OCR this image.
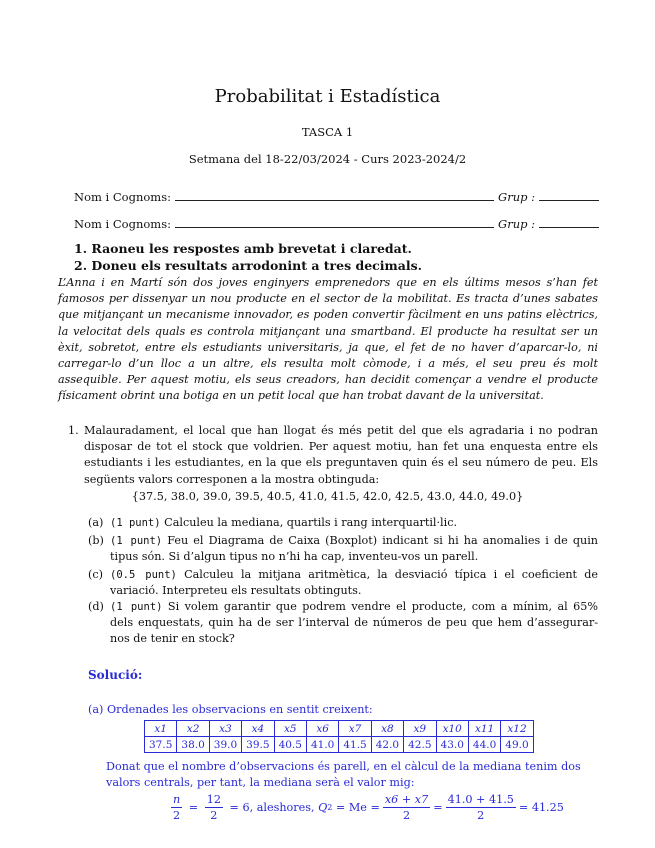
Probabilitat i Estadística
TASCA 1
Setmana del 18-22/03/2024 - Curs 2023-2024/2
Nom i Cognoms:	Grup :
Nom i Cognoms:	Grup :
1. Raoneu les respostes amb brevetat i claredat.
2. Doneu els resultats arrodonint a tres decimals.
L’Anna i en Martí són dos joves enginyers emprenedors que en els últims mesos s’han fet famosos per dissenyar un nou producte en el sector de la mobilitat. Es tracta d’unes sabates que mitjançant un mecanisme innovador, es poden convertir fàcilment en uns patins elèctrics, la velocitat dels quals es controla mitjançant una smartband. El producte ha resultat ser un èxit, sobretot, entre els estudiants universitaris, ja que, el fet de no haver d’aparcar-lo, ni carregar-lo d’un lloc a un altre, els resulta molt còmode, i a més, el seu preu és molt assequible. Per aquest motiu, els seus creadors, han decidit començar a vendre el producte físicament obrint una botiga en un petit local que han trobat davant de la universitat.
1. Malauradament, el local que han llogat és més petit del que els agradaria i no podran disposar de tot el stock que voldrien. Per aquest motiu, han fet una enquesta entre els estudiants i les estudiantes, en la que els preguntaven quin és el seu número de peu. Els següents valors corresponen a la mostra obtinguda:
{37.5, 38.0, 39.0, 39.5, 40.5, 41.0, 41.5, 42.0, 42.5, 43.0, 44.0, 49.0}
(a) (1 punt) Calculeu la mediana, quartils i rang interquartil·lic.
(b) (1 punt) Feu el Diagrama de Caixa (Boxplot) indicant si hi ha anomalies i de quin tipus són. Si d’algun tipus no n’hi ha cap, inventeu-vos un parell.
(c) (0.5 punt) Calculeu la mitjana aritmètica, la desviació típica i el coeficient de variació. Interpreteu els resultats obtinguts.
(d) (1 punt) Si volem garantir que podrem vendre el producte, com a mínim, al 65% dels enquestats, quin ha de ser l’interval de números de peu que hem d’assegurar-nos de tenir en stock?
Solució:
(a) Ordenades les observacions en sentit creixent:
x1	x2	x3	x4	x5	x6	x7	x8	x9	x10	x11	x12
37.5	38.0	39.0	39.5	40.5	41.0	41.5	42.0	42.5	43.0	44.0	49.0
Donat que el nombre d’observacions és parell, en el càlcul de la mediana tenim dos valors centrals, per tant, la mediana serà el valor mig:
$\frac{n}{2} = \frac{12}{2}$
= 6,
aleshores,
Q 2
= $Me = \frac{x6 + x7}{2} = \frac{41.0 + 41.5}{2} = 41.25$
